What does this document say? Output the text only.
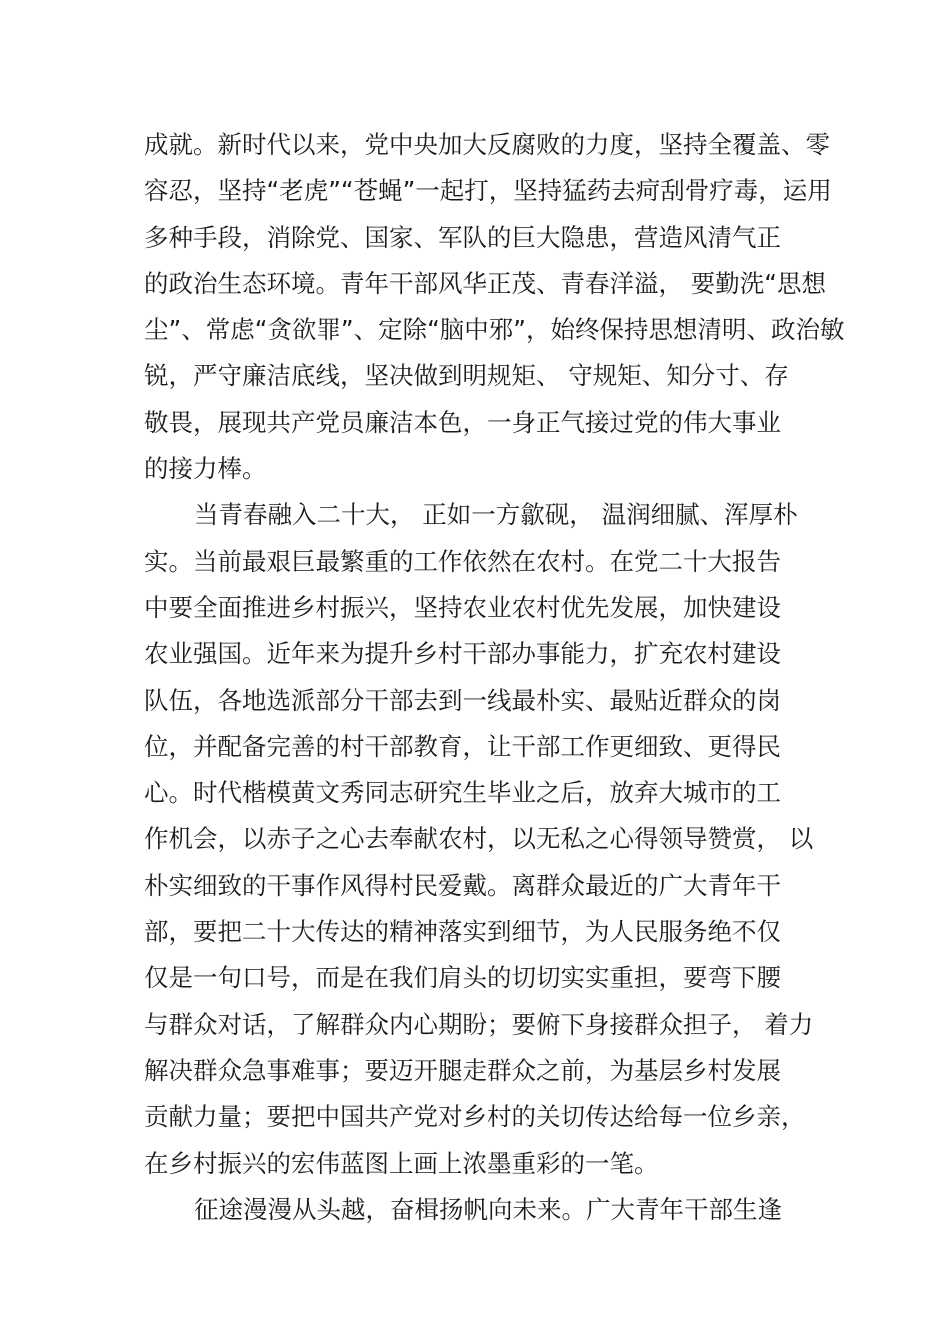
成就。新时代以来，党中央加大反腐败的力度，坚持全覆盖、零
容忍，坚持“老虎”“苍蝇”一起打，坚持猛药去疴刮骨疗毒，运用
多种手段，消除党、国家、军队的巨大隐患，营造风清气正
的政治生态环境。青年干部风华正茂、青春洋溢， 要勤洗“思想
尘”、常虑“贪欲罪”、定除“脑中邪”，始终保持思想清明、政治敏
锐，严守廉洁底线，坚决做到明规矩、 守规矩、知分寸、存
敬畏，展现共产党员廉洁本色，一身正气接过党的伟大事业
的接力棒。
当青春融入二十大， 正如一方歙砚， 温润细腻、浑厚朴
实。当前最艰巨最繁重的工作依然在农村。在党二十大报告
中要全面推进乡村振兴，坚持农业农村优先发展，加快建设
农业强国。近年来为提升乡村干部办事能力，扩充农村建设
队伍，各地选派部分干部去到一线最朴实、最贴近群众的岗
位，并配备完善的村干部教育，让干部工作更细致、更得民
心。时代楷模黄文秀同志研究生毕业之后，放弃大城市的工
作机会，以赤子之心去奉献农村，以无私之心得领导赞赏， 以
朴实细致的干事作风得村民爱戴。离群众最近的广大青年干
部，要把二十大传达的精神落实到细节，为人民服务绝不仅
仅是一句口号，而是在我们肩头的切切实实重担，要弯下腰
与群众对话，了解群众内心期盼；要俯下身接群众担子， 着力
解决群众急事难事；要迈开腿走群众之前，为基层乡村发展
贡献力量；要把中国共产党对乡村的关切传达给每一位乡亲，
在乡村振兴的宏伟蓝图上画上浓墨重彩的一笔。
征途漫漫从头越，奋楫扬帆向未来。广大青年干部生逢
